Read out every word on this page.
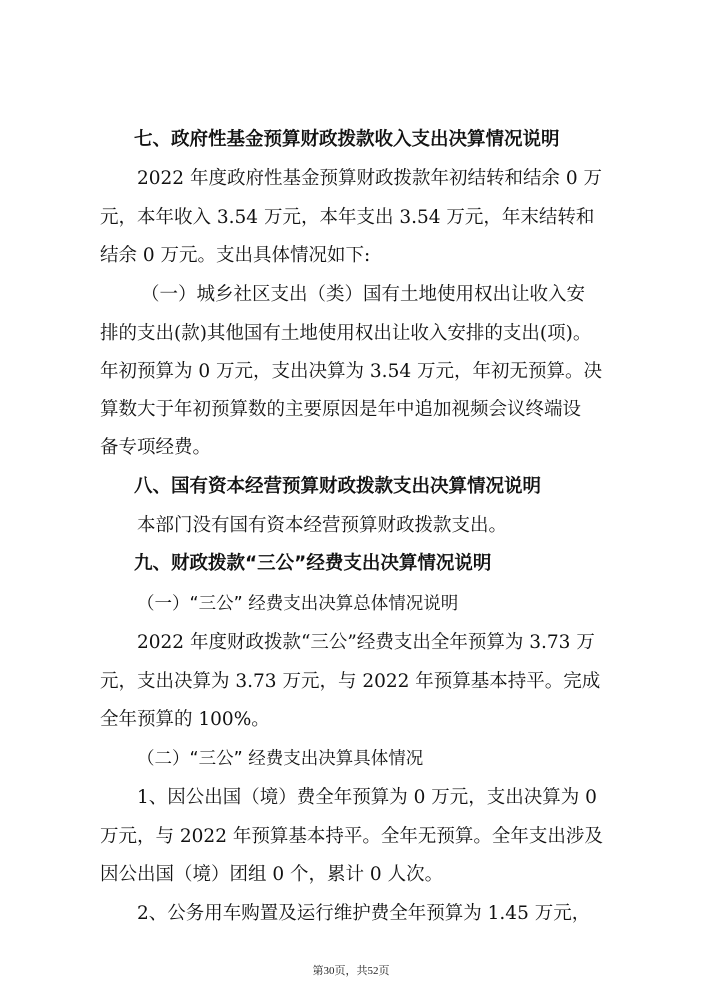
七、政府性基金预算财政拨款收入支出决算情况说明
2022 年度政府性基金预算财政拨款年初结转和结余 0 万
元，本年收入 3.54 万元，本年支出 3.54 万元，年末结转和
结余 0 万元。支出具体情况如下:
（一）城乡社区支出（类）国有土地使用权出让收入安
排的支出(款)其他国有土地使用权出让收入安排的支出(项)。
年初预算为 0 万元，支出决算为 3.54 万元，年初无预算。决
算数大于年初预算数的主要原因是年中追加视频会议终端设
备专项经费。
八、国有资本经营预算财政拨款支出决算情况说明
本部门没有国有资本经营预算财政拨款支出。
九、财政拨款“三公”经费支出决算情况说明
（一）“三公” 经费支出决算总体情况说明
2022 年度财政拨款“三公”经费支出全年预算为 3.73 万
元，支出决算为 3.73 万元，与 2022 年预算基本持平。完成
全年预算的 100%。
（二）“三公” 经费支出决算具体情况
1、因公出国（境）费全年预算为 0 万元，支出决算为 0
万元，与 2022 年预算基本持平。全年无预算。全年支出涉及
因公出国（境）团组 0 个，累计 0 人次。
2、公务用车购置及运行维护费全年预算为 1.45 万元，
第30页，共52页
